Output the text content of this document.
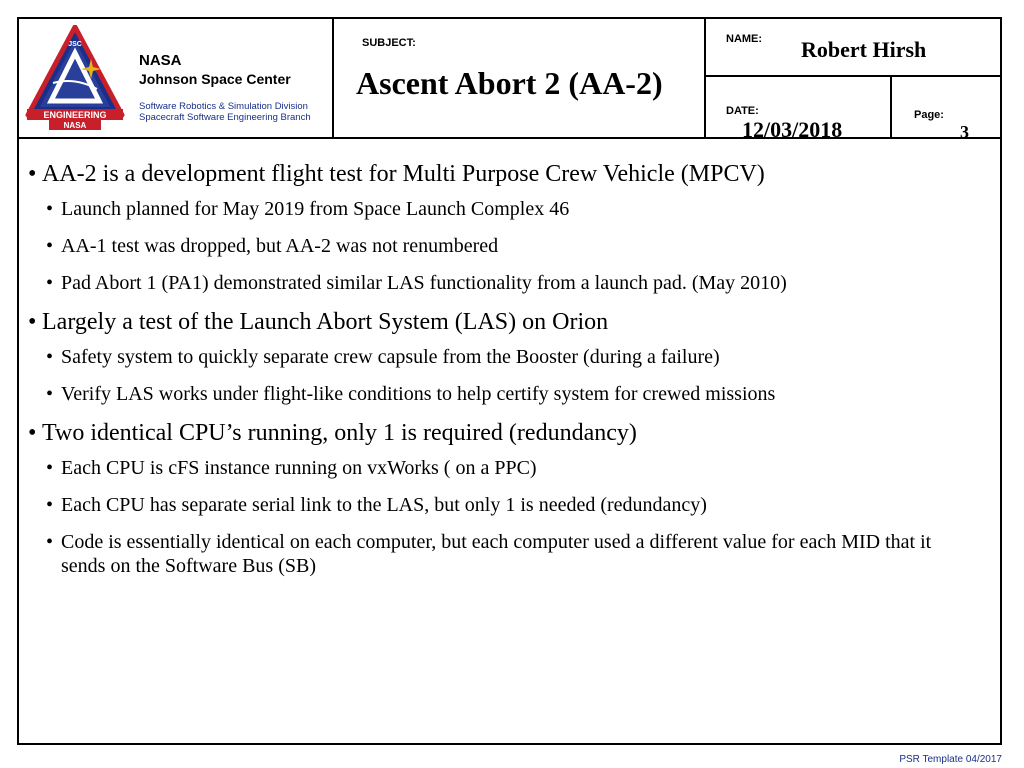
JSC
ENGINEERING
NASA
NASA
Johnson Space Center
Software Robotics & Simulation Division
Spacecraft Software Engineering Branch
SUBJECT:
Ascent Abort 2 (AA-2)
NAME: Robert Hirsh
DATE:
12/03/2018
Page:
3
• AA-2 is a development flight test for Multi Purpose Crew Vehicle (MPCV)
• Launch planned for May 2019 from Space Launch Complex 46
• AA-1 test was dropped, but AA-2 was not renumbered
• Pad Abort 1 (PA1) demonstrated similar LAS functionality from a launch pad. (May 2010)
• Largely a test of the Launch Abort System (LAS) on Orion
• Safety system to quickly separate crew capsule from the Booster (during a failure)
• Verify LAS works under flight-like conditions to help certify system for crewed missions
• Two identical CPU’s running, only 1 is required (redundancy)
• Each CPU is cFS instance running on vxWorks ( on a PPC)
• Each CPU has separate serial link to the LAS, but only 1 is needed (redundancy)
• Code is essentially identical on each computer, but each computer used a different value for each MID that it sends on the Software Bus (SB)
PSR Template 04/2017
